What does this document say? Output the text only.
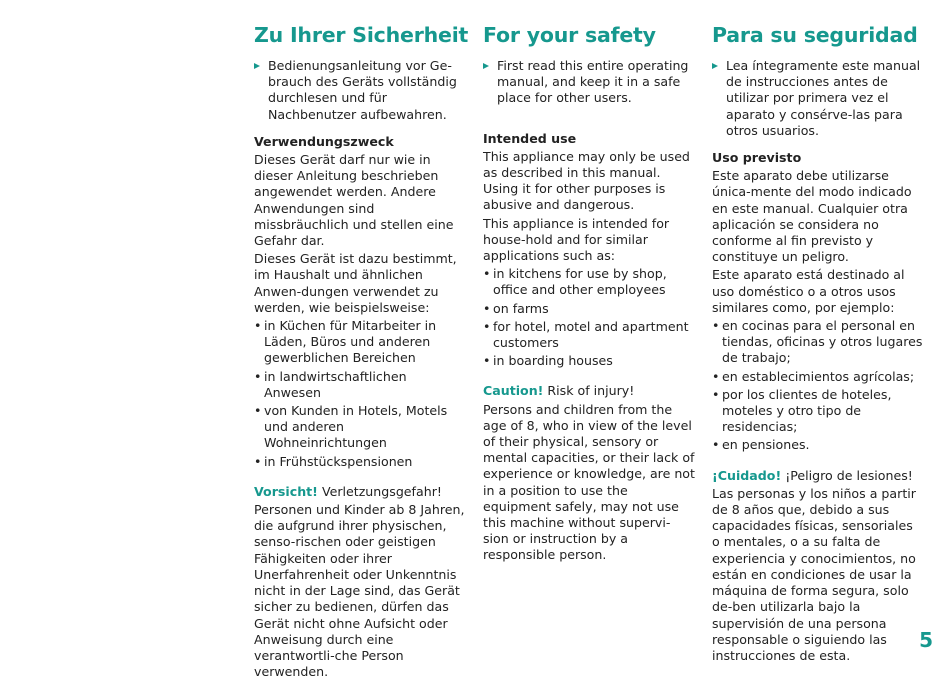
Zu Ihrer Sicherheit
Bedienungsanleitung vor Ge-brauch des Geräts vollständig durchlesen und für Nachbenutzer aufbewahren.
Verwendungszweck

Dieses Gerät darf nur wie in dieser Anleitung beschrieben angewendet werden. Andere Anwendungen sind missbräuchlich und stellen eine Gefahr dar.

Dieses Gerät ist dazu bestimmt, im Haushalt und ähnlichen Anwen-dungen verwendet zu werden, wie beispielsweise:

• in Küchen für Mitarbeiter in Läden, Büros und anderen gewerblichen Bereichen
• in landwirtschaftlichen Anwesen
• von Kunden in Hotels, Motels und anderen Wohneinrichtungen
• in Frühstückspensionen
Vorsicht! Verletzungsgefahr!

Personen und Kinder ab 8 Jahren, die aufgrund ihrer physischen, senso-rischen oder geistigen Fähigkeiten oder ihrer Unerfahrenheit oder Unkenntnis nicht in der Lage sind, das Gerät sicher zu bedienen, dürfen das Gerät nicht ohne Aufsicht oder Anweisung durch eine verantwortli-che Person verwenden.

For your safety
First read this entire operating manual, and keep it in a safe place for other users.
Intended use

This appliance may only be used as described in this manual. Using it for other purposes is abusive and dangerous.

This appliance is intended for house-hold and for similar applications such as:

• in kitchens for use by shop, office and other employees
• on farms
• for hotel, motel and apartment customers
• in boarding houses
Caution! Risk of injury!

Persons and children from the age of 8, who in view of the level of their physical, sensory or mental capacities, or their lack of experience or knowledge, are not in a position to use the equipment safely, may not use this machine without supervi-sion or instruction by a responsible person.

Para su seguridad
Lea íntegramente este manual de instrucciones antes de utilizar por primera vez el aparato y consérve-las para otros usuarios.
Uso previsto

Este aparato debe utilizarse única-mente del modo indicado en este manual. Cualquier otra aplicación se considera no conforme al fin previsto y constituye un peligro.

Este aparato está destinado al uso doméstico o a otros usos similares como, por ejemplo:

• en cocinas para el personal en tiendas, oficinas y otros lugares de trabajo;
• en establecimientos agrícolas;
• por los clientes de hoteles, moteles y otro tipo de residencias;
• en pensiones.
¡Cuidado! ¡Peligro de lesiones!

Las personas y los niños a partir de 8 años que, debido a sus capacidades físicas, sensoriales o mentales, o a su falta de experiencia y conocimientos, no están en condiciones de usar la máquina de forma segura, solo de-ben utilizarla bajo la supervisión de una persona responsable o siguiendo las instrucciones de esta.

5
